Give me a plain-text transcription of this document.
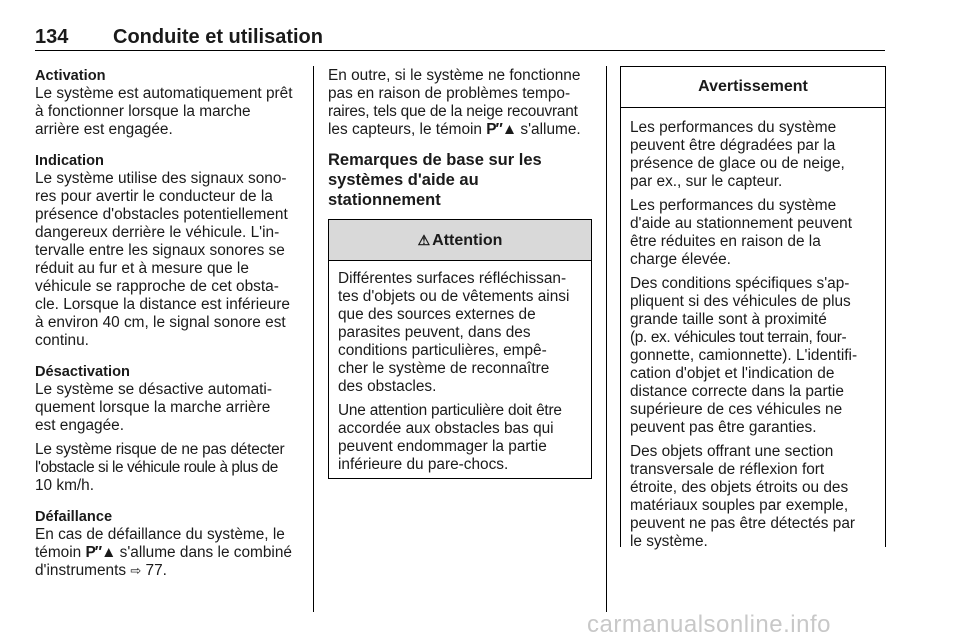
134 Conduite et utilisation

Activation

Le système est automatiquement prêt
à fonctionner lorsque la marche
arrière est engagée.

Indication

Le système utilise des signaux sono-
res pour avertir le conducteur de la
présence d'obstacles potentiellement
dangereux derrière le véhicule. L'in-
tervalle entre les signaux sonores se
réduit au fur et à mesure que le
véhicule se rapproche de cet obsta-
cle. Lorsque la distance est inférieure
à environ 40 cm, le signal sonore est
continu.

Désactivation

Le système se désactive automati-
quement lorsque la marche arrière
est engagée.

Le système risque de ne pas détecter
l'obstacle si le véhicule roule à plus de
10 km/h.

Défaillance

En cas de défaillance du système, le
témoin P″▲ s'allume dans le combiné
d'instruments ⇨ 77.

En outre, si le système ne fonctionne
pas en raison de problèmes tempo-
raires, tels que de la neige recouvrant
les capteurs, le témoin P″▲ s'allume.

Remarques de base sur les
systèmes d'aide au
stationnement

⚠ Attention

Différentes surfaces réfléchissan-
tes d'objets ou de vêtements ainsi
que des sources externes de
parasites peuvent, dans des
conditions particulières, empê-
cher le système de reconnaître
des obstacles.

Une attention particulière doit être
accordée aux obstacles bas qui
peuvent endommager la partie
inférieure du pare-chocs.

Avertissement

Les performances du système
peuvent être dégradées par la
présence de glace ou de neige,
par ex., sur le capteur.

Les performances du système
d'aide au stationnement peuvent
être réduites en raison de la
charge élevée.

Des conditions spécifiques s'ap-
pliquent si des véhicules de plus
grande taille sont à proximité
(p. ex. véhicules tout terrain, four-
gonnette, camionnette). L'identifi-
cation d'objet et l'indication de
distance correcte dans la partie
supérieure de ces véhicules ne
peuvent pas être garanties.

Des objets offrant une section
transversale de réflexion fort
étroite, des objets étroits ou des
matériaux souples par exemple,
peuvent ne pas être détectés par
le système.

carmanualsonline.info
